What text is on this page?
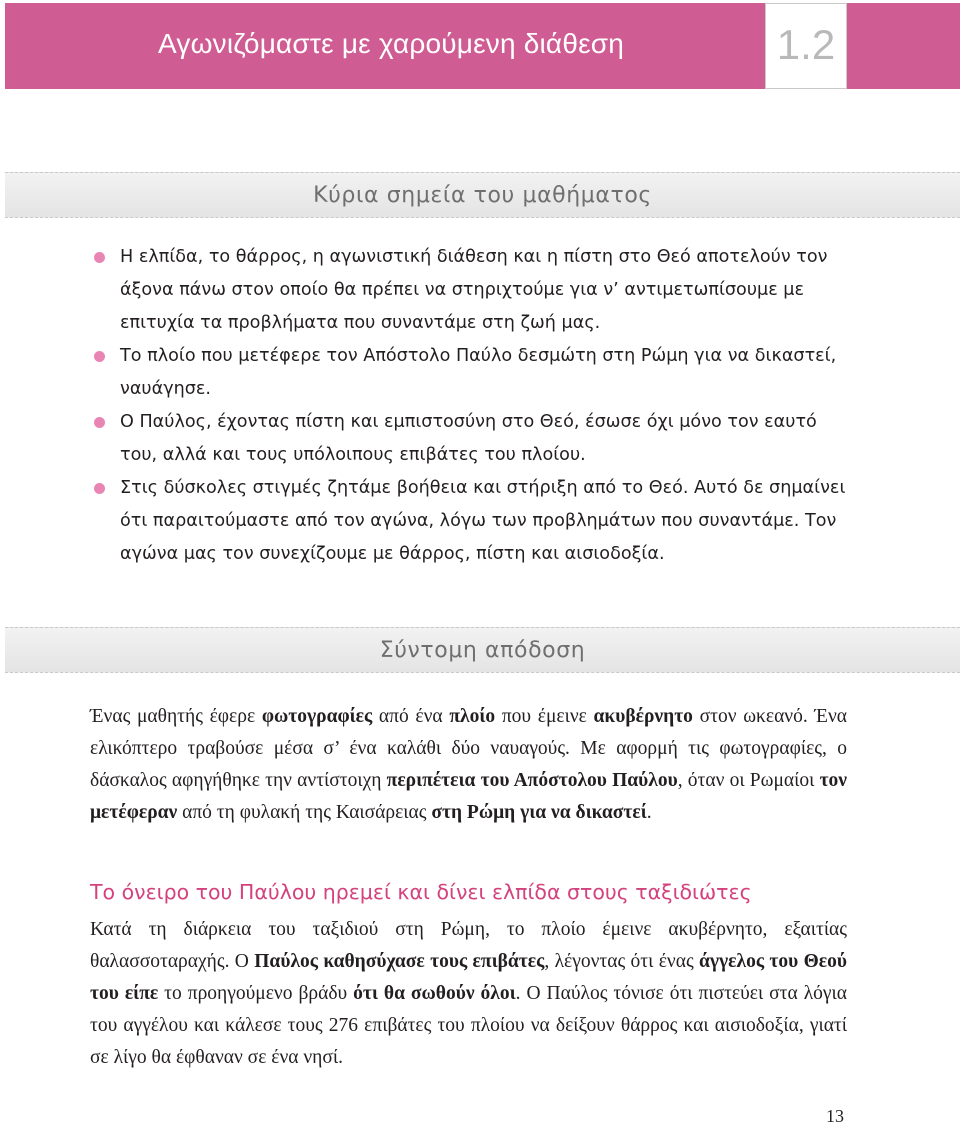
Αγωνιζόμαστε με χαρούμενη διάθεση	1.2
Κύρια σημεία του μαθήματος
Η ελπίδα, το θάρρος, η αγωνιστική διάθεση και η πίστη στο Θεό αποτελούν τον άξονα πάνω στον οποίο θα πρέπει να στηριχτούμε για ν’ αντιμετωπίσουμε με επιτυχία τα προβλήματα που συναντάμε στη ζωή μας.
Το πλοίο που μετέφερε τον Απόστολο Παύλο δεσμώτη στη Ρώμη για να δικαστεί, ναυάγησε.
Ο Παύλος, έχοντας πίστη και εμπιστοσύνη στο Θεό, έσωσε όχι μόνο τον εαυτό του, αλλά και τους υπόλοιπους επιβάτες του πλοίου.
Στις δύσκολες στιγμές ζητάμε βοήθεια και στήριξη από το Θεό. Αυτό δε σημαίνει ότι παραιτούμαστε από τον αγώνα, λόγω των προβλημάτων που συναντάμε. Τον αγώνα μας τον συνεχίζουμε με θάρρος, πίστη και αισιοδοξία.
Σύντομη απόδοση

Ένας μαθητής έφερε φωτογραφίες από ένα πλοίο που έμεινε ακυβέρνητο στον ωκεανό. Ένα ελικόπτερο τραβούσε μέσα σ’ ένα καλάθι δύο ναυαγούς. Με αφορμή τις φωτογραφίες, ο δάσκαλος αφηγήθηκε την αντίστοιχη περιπέτεια του Απόστολου Παύλου, όταν οι Ρωμαίοι τον μετέφεραν από τη φυλακή της Καισάρειας στη Ρώμη για να δικαστεί.

Το όνειρο του Παύλου ηρεμεί και δίνει ελπίδα στους ταξιδιώτες

Κατά τη διάρκεια του ταξιδιού στη Ρώμη, το πλοίο έμεινε ακυβέρνητο, εξαιτίας θαλασσοταραχής. Ο Παύλος καθησύχασε τους επιβάτες, λέγοντας ότι ένας άγγελος του Θεού του είπε το προηγούμενο βράδυ ότι θα σωθούν όλοι. Ο Παύλος τόνισε ότι πιστεύει στα λόγια του αγγέλου και κάλεσε τους 276 επιβάτες του πλοίου να δείξουν θάρρος και αισιοδοξία, γιατί σε λίγο θα έφθαναν σε ένα νησί.

13
